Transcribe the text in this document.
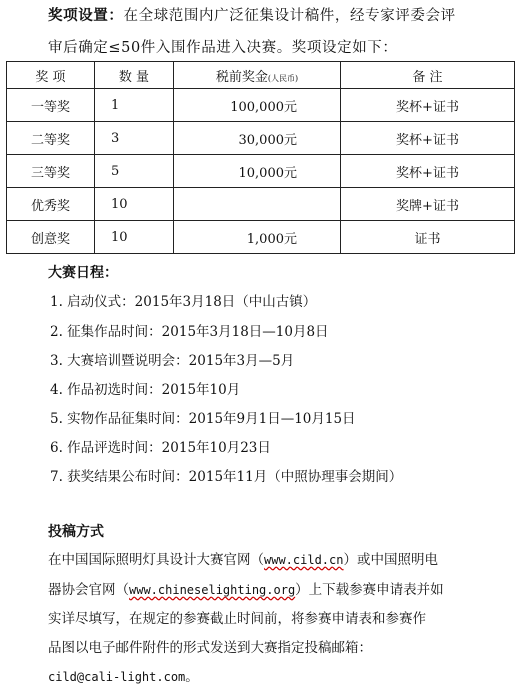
奖项设置：在全球范围内广泛征集设计稿件，经专家评委会评
审后确定≤50件入围作品进入决赛。奖项设定如下：
奖 项	数 量	税前奖金(人民币)	备 注
一等奖	1	100,000元	奖杯+证书
二等奖	3	30,000元	奖杯+证书
三等奖	5	10,000元	奖杯+证书
优秀奖	10		奖牌+证书
创意奖	10	1,000元	证书
大赛日程：
1. 启动仪式：2015年3月18日（中山古镇）
2. 征集作品时间：2015年3月18日—10月8日
3. 大赛培训暨说明会：2015年3月—5月
4. 作品初选时间：2015年10月
5. 实物作品征集时间：2015年9月1日—10月15日
6. 作品评选时间：2015年10月23日
7. 获奖结果公布时间：2015年11月（中照协理事会期间）
投稿方式
在中国国际照明灯具设计大赛官网（www.cild.cn）或中国照明电
器协会官网（www.chineselighting.org）上下载参赛申请表并如
实详尽填写，在规定的参赛截止时间前，将参赛申请表和参赛作
品图以电子邮件附件的形式发送到大赛指定投稿邮箱：
cild@cali-light.com。
